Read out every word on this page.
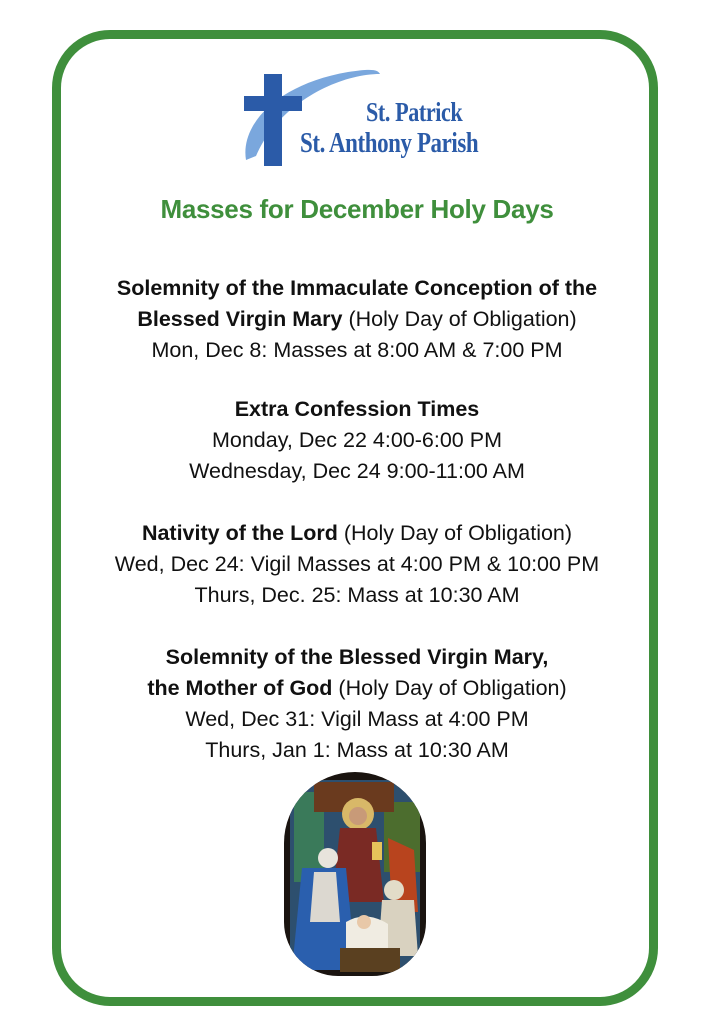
St. Patrick
St. Anthony Parish
Masses for December Holy Days
Solemnity of the Immaculate Conception of the
Blessed Virgin Mary (Holy Day of Obligation)
Mon, Dec 8: Masses at 8:00 AM & 7:00 PM
Extra Confession Times
Monday, Dec 22 4:00-6:00 PM
Wednesday, Dec 24 9:00-11:00 AM
Nativity of the Lord (Holy Day of Obligation)
Wed, Dec 24: Vigil Masses at 4:00 PM & 10:00 PM
Thurs, Dec. 25: Mass at 10:30 AM
Solemnity of the Blessed Virgin Mary,
the Mother of God (Holy Day of Obligation)
Wed, Dec 31: Vigil Mass at 4:00 PM
Thurs, Jan 1: Mass at 10:30 AM
